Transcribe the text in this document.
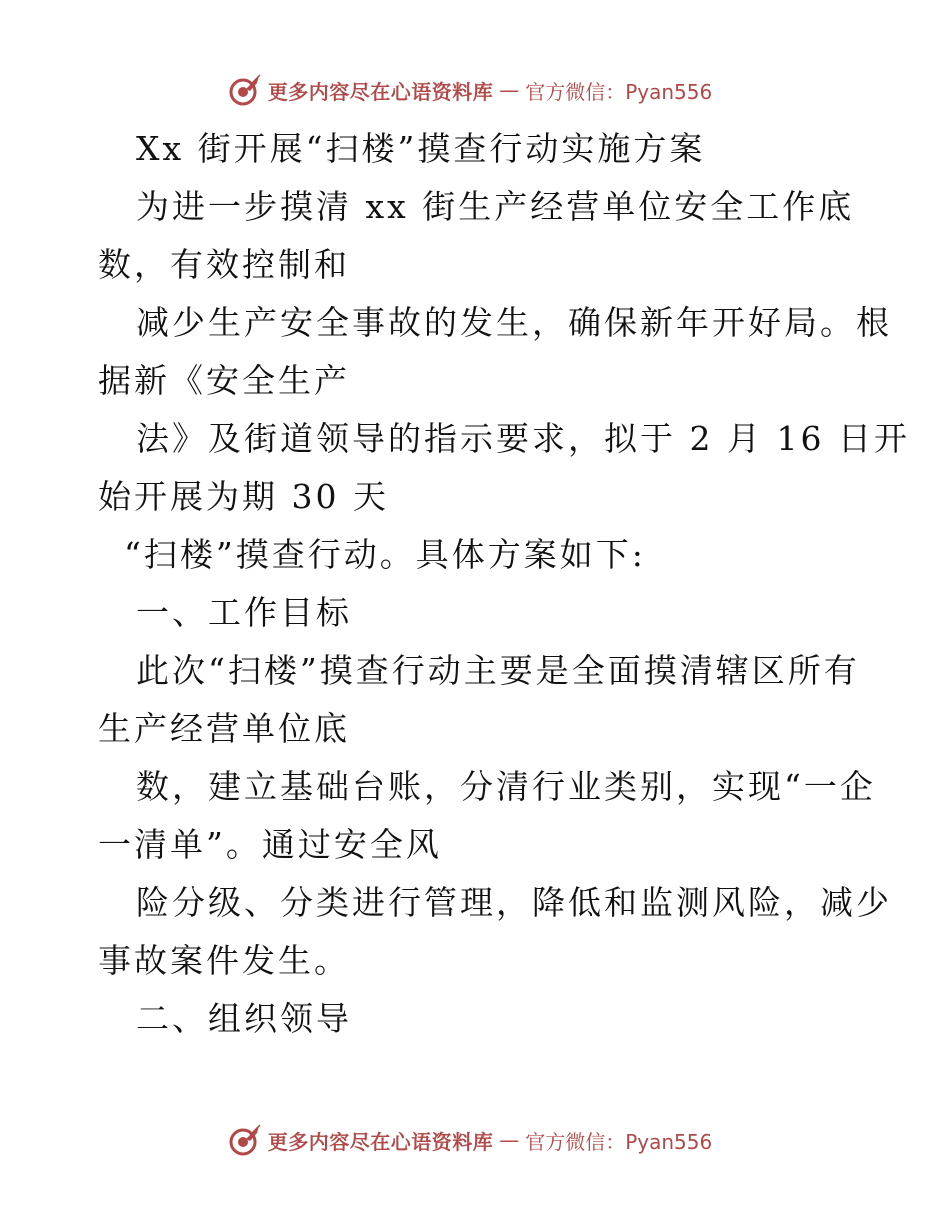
更多内容尽在心语资料库 — 官方微信：Pyan556
Xx 街开展“扫楼”摸查行动实施方案
为进一步摸清 xx 街生产经营单位安全工作底
数，有效控制和
减少生产安全事故的发生，确保新年开好局。根
据新《安全生产
法》及街道领导的指示要求，拟于 2 月 16 日开
始开展为期 30 天
“扫楼”摸查行动。具体方案如下:
一、工作目标
此次“扫楼”摸查行动主要是全面摸清辖区所有
生产经营单位底
数，建立基础台账，分清行业类别，实现“一企
一清单”。通过安全风
险分级、分类进行管理，降低和监测风险，减少
事故案件发生。
二、组织领导
更多内容尽在心语资料库 — 官方微信：Pyan556
